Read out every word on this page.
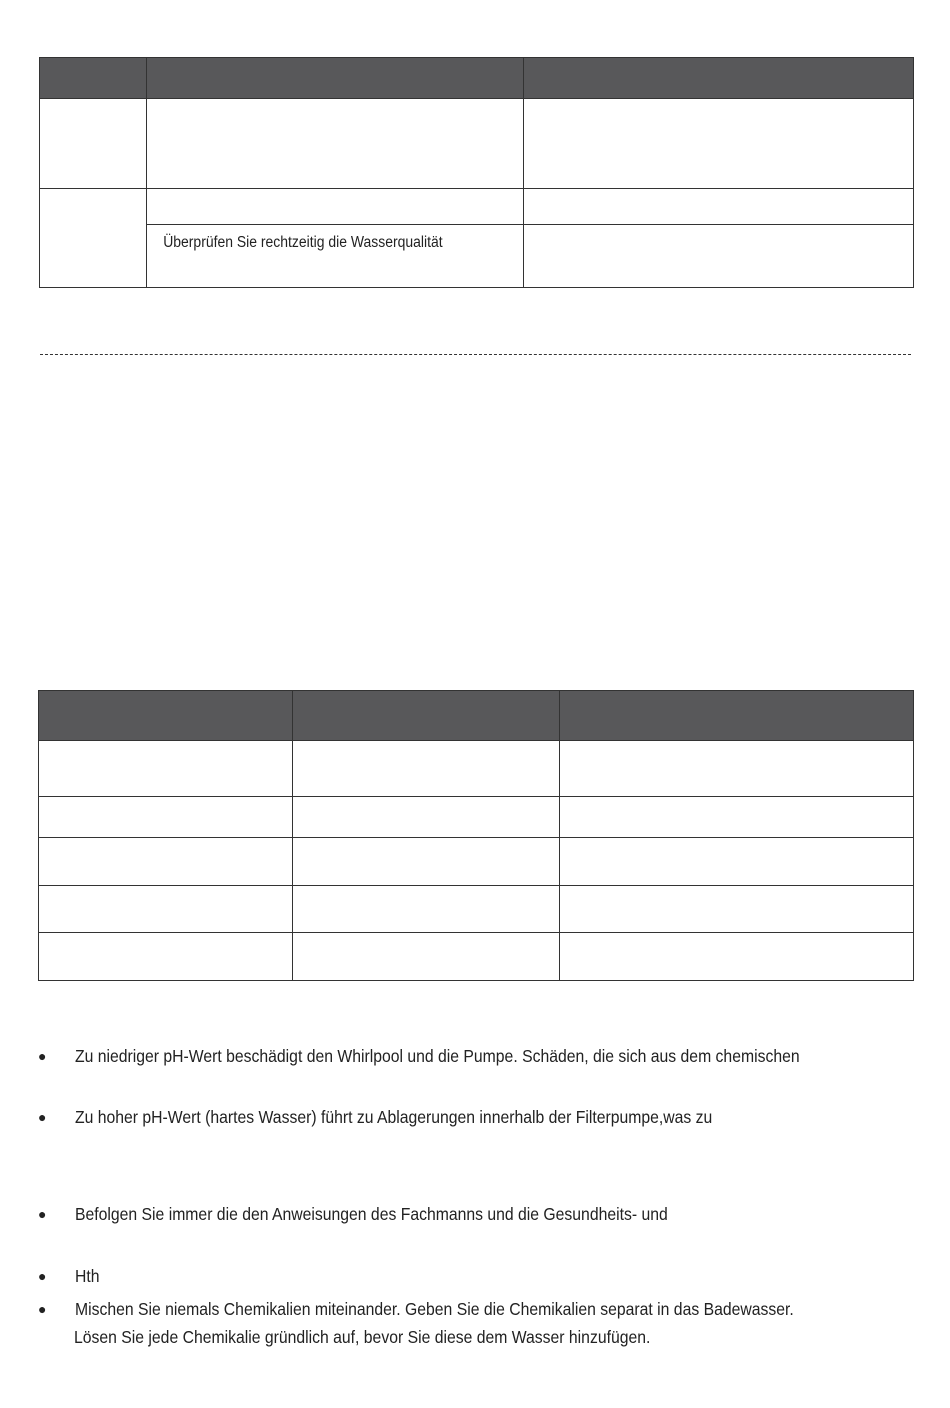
	Überprüfen Sie rechtzeitig die Wasserqualität	

● Zu niedriger pH-Wert beschädigt den Whirlpool und die Pumpe. Schäden, die sich aus dem chemischen
● Zu hoher pH-Wert (hartes Wasser) führt zu Ablagerungen innerhalb der Filterpumpe,was zu
● Befolgen Sie immer die den Anweisungen des Fachmanns und die Gesundheits- und
● Hth
● Mischen Sie niemals Chemikalien miteinander. Geben Sie die Chemikalien separat in das Badewasser.
Lösen Sie jede Chemikalie gründlich auf, bevor Sie diese dem Wasser hinzufügen.
